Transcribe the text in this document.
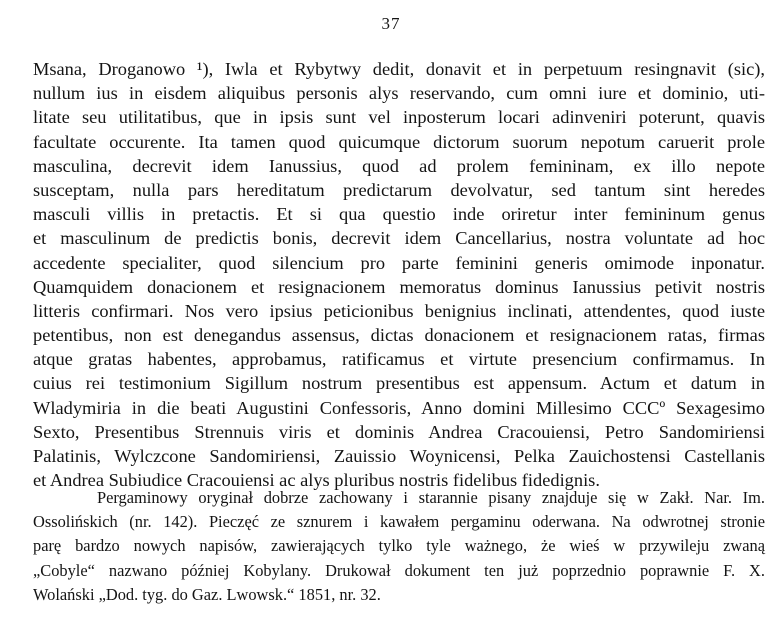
37
Msana, Droganowo ¹), Iwla et Rybytwy dedit, donavit et in perpetuum resingnavit (sic),
nullum ius in eisdem aliquibus personis alys reservando, cum omni iure et dominio, uti-
litate seu utilitatibus, que in ipsis sunt vel inposterum locari adinveniri poterunt, quavis
facultate occurente. Ita tamen quod quicumque dictorum suorum nepotum caruerit prole
masculina, decrevit idem Ianussius, quod ad prolem femininam, ex illo nepote
susceptam, nulla pars hereditatum predictarum devolvatur, sed tantum sint heredes
masculi villis in pretactis. Et si qua questio inde oriretur inter femininum genus
et masculinum de predictis bonis, decrevit idem Cancellarius, nostra voluntate ad hoc
accedente specialiter, quod silencium pro parte feminini generis omimode inponatur.
Quamquidem donacionem et resignacionem memoratus dominus Ianussius petivit nostris
litteris confirmari. Nos vero ipsius peticionibus benignius inclinati, attendentes, quod iuste
petentibus, non est denegandus assensus, dictas donacionem et resignacionem ratas, firmas
atque gratas habentes, approbamus, ratificamus et virtute presencium confirmamus. In
cuius rei testimonium Sigillum nostrum presentibus est appensum. Actum et datum in
Wladymiria in die beati Augustini Confessoris, Anno domini Millesimo CCCº Sexagesimo
Sexto, Presentibus Strennuis viris et dominis Andrea Cracouiensi, Petro Sandomiriensi
Palatinis, Wylczcone Sandomiriensi, Zauissio Woynicensi, Pelka Zauichostensi Castellanis
et Andrea Subiudice Cracouiensi ac alys pluribus nostris fidelibus fidedignis.
Pergaminowy oryginał dobrze zachowany i starannie pisany znajduje się w Zakł. Nar. Im.
Ossolińskich (nr. 142). Pieczęć ze sznurem i kawałem pergaminu oderwana. Na odwrotnej stronie
parę bardzo nowych napisów, zawierających tylko tyle ważnego, że wieś w przywileju zwaną
„Cobyle“ nazwano później Kobylany. Drukował dokument ten już poprzednio poprawnie F. X.
Wolański „Dod. tyg. do Gaz. Lwowsk.“ 1851, nr. 32.
